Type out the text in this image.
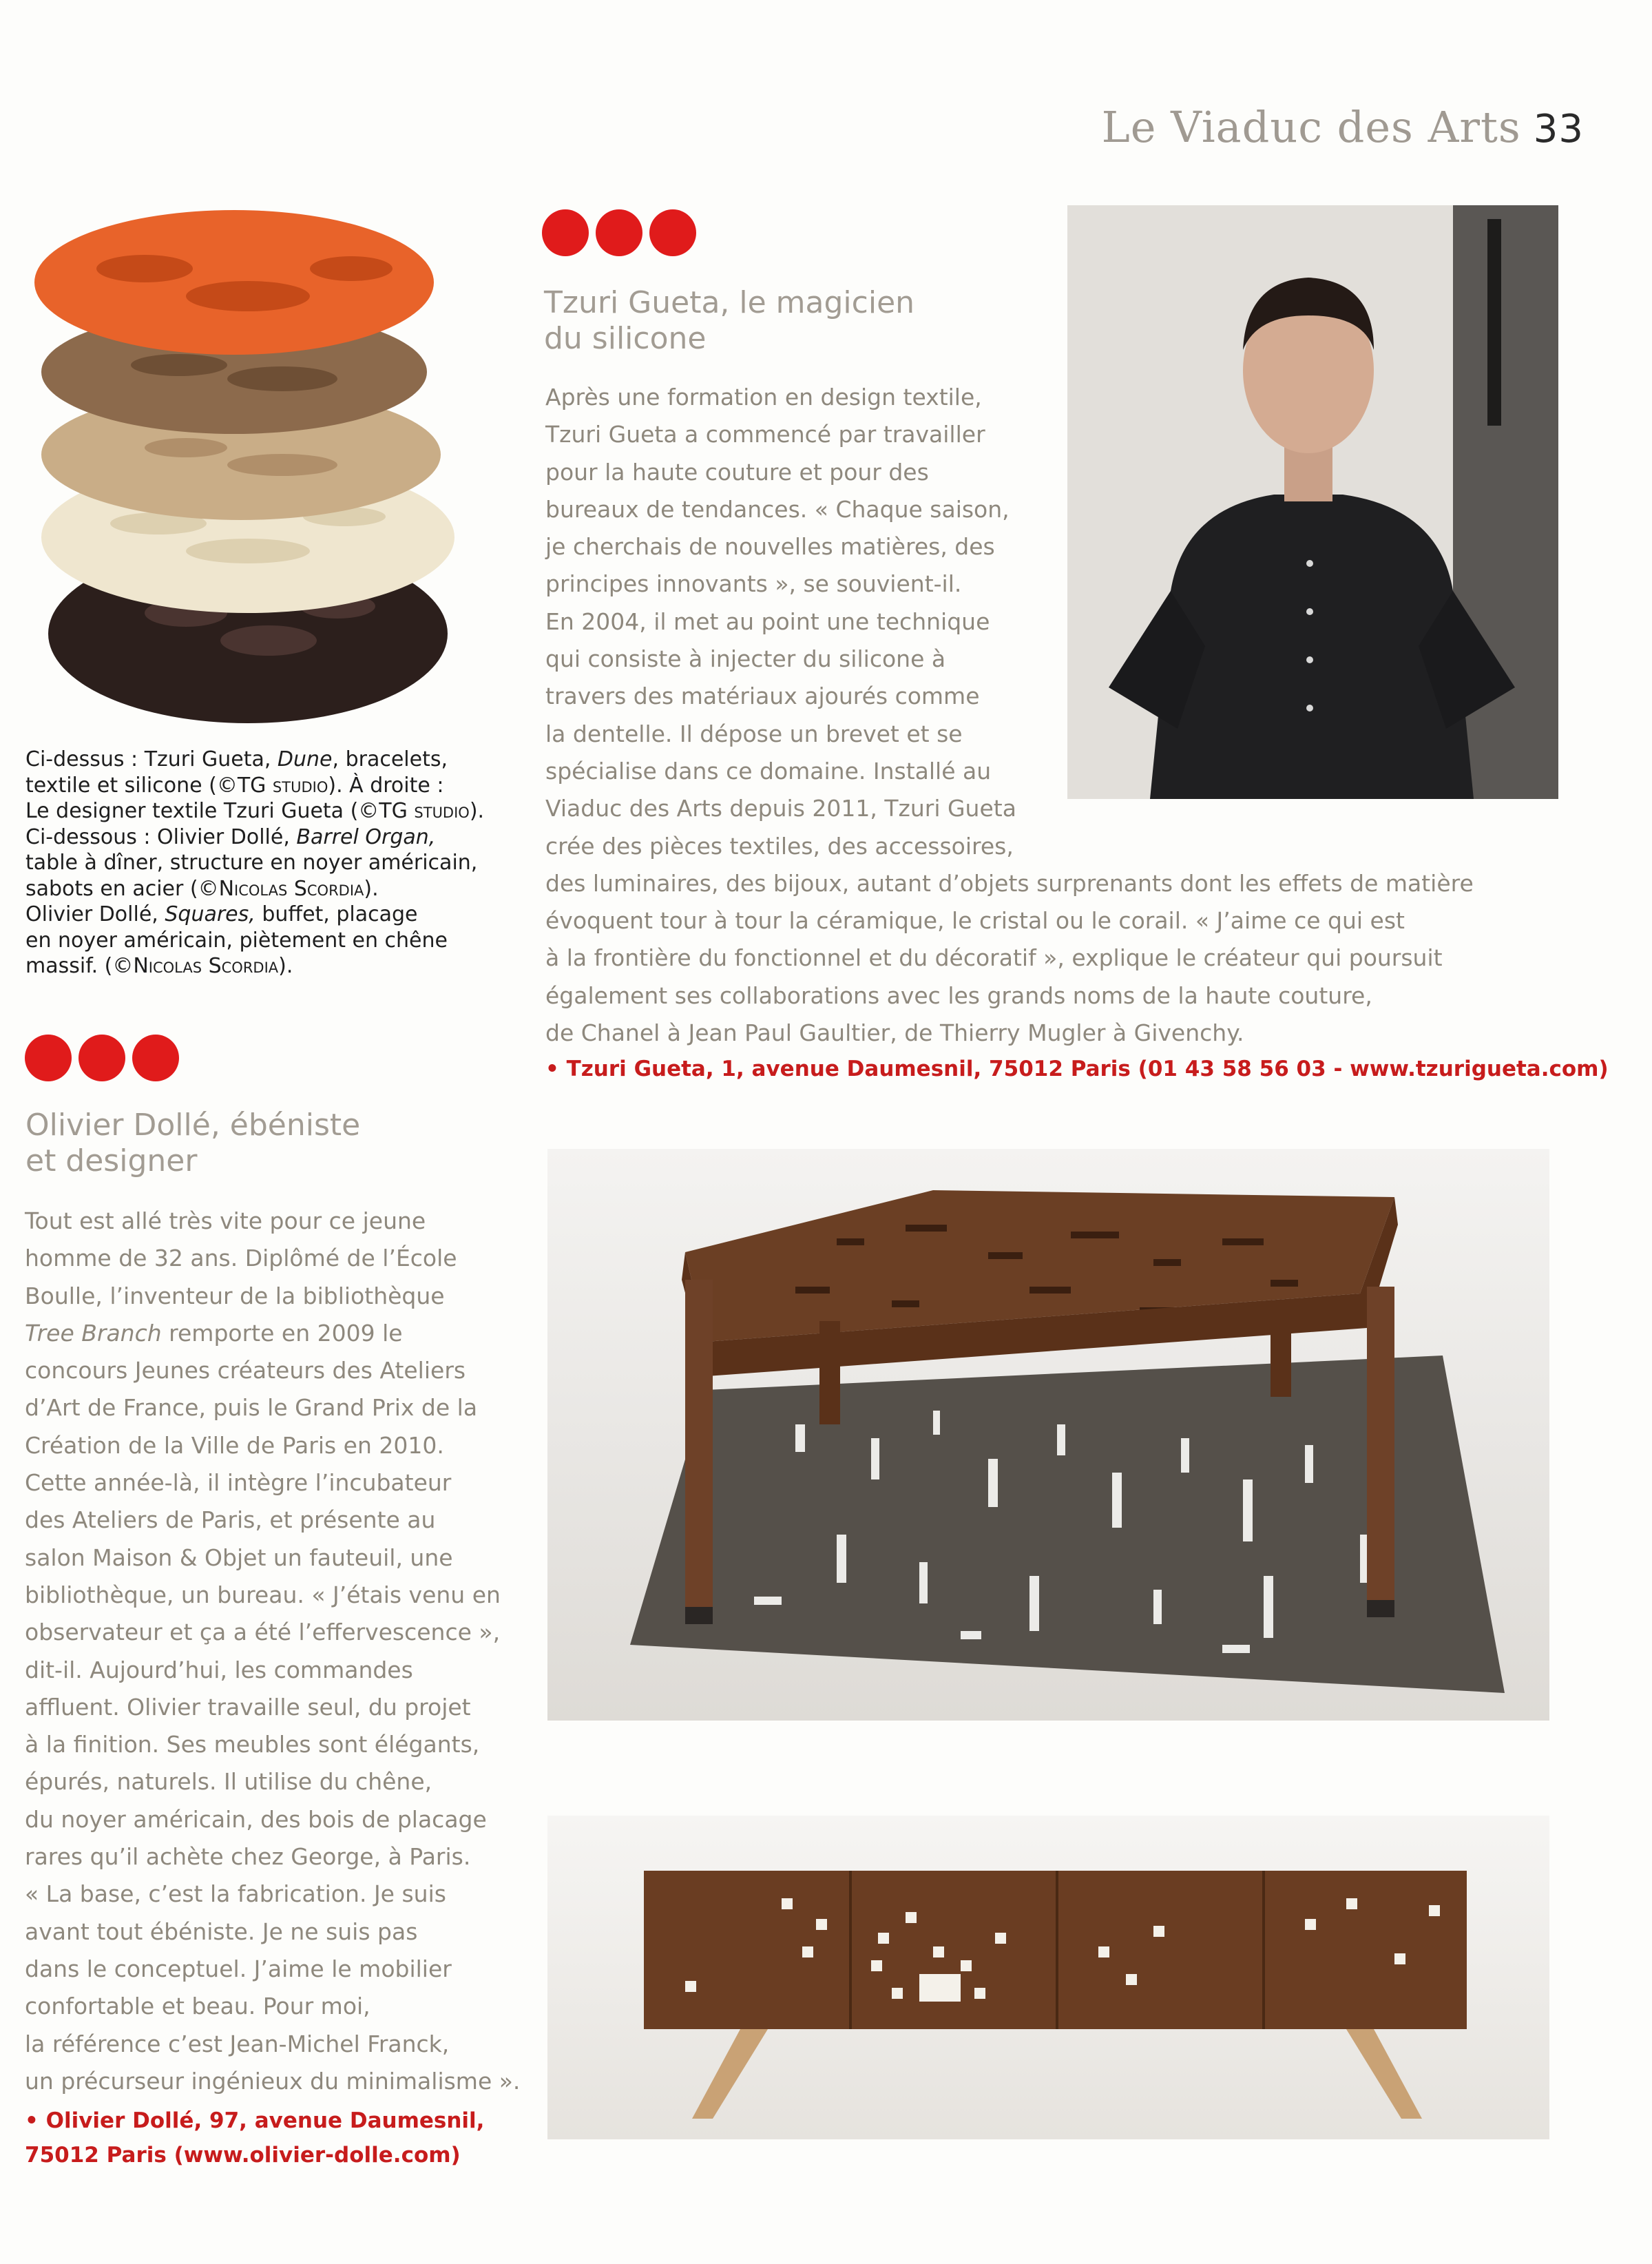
Le Viaduc des Arts 33

Ci-dessus : Tzuri Gueta, Dune, bracelets,

textile et silicone (©TG studio). À droite :

Le designer textile Tzuri Gueta (©TG studio).

Ci-dessous : Olivier Dollé, Barrel Organ,

table à dîner, structure en noyer américain,

sabots en acier (©Nicolas Scordia).

Olivier Dollé, Squares, buffet, placage

en noyer américain, piètement en chêne

massif. (©Nicolas Scordia).

Tzuri Gueta, le magicien
du silicone

Après une formation en design textile,

Tzuri Gueta a commencé par travailler

pour la haute couture et pour des

bureaux de tendances. « Chaque saison,

je cherchais de nouvelles matières, des

principes innovants », se souvient-il.

En 2004, il met au point une technique

qui consiste à injecter du silicone à

travers des matériaux ajourés comme

la dentelle. Il dépose un brevet et se

spécialise dans ce domaine. Installé au

Viaduc des Arts depuis 2011, Tzuri Gueta

crée des pièces textiles, des accessoires,

des luminaires, des bijoux, autant d’objets surprenants dont les effets de matière

évoquent tour à tour la céramique, le cristal ou le corail. « J’aime ce qui est

à la frontière du fonctionnel et du décoratif », explique le créateur qui poursuit

également ses collaborations avec les grands noms de la haute couture,

de Chanel à Jean Paul Gaultier, de Thierry Mugler à Givenchy.

• Tzuri Gueta, 1, avenue Daumesnil, 75012 Paris (01 43 58 56 03 - www.tzurigueta.com)

Olivier Dollé, ébéniste
et designer

Tout est allé très vite pour ce jeune

homme de 32 ans. Diplômé de l’École

Boulle, l’inventeur de la bibliothèque

Tree Branch remporte en 2009 le

concours Jeunes créateurs des Ateliers

d’Art de France, puis le Grand Prix de la

Création de la Ville de Paris en 2010.

Cette année-là, il intègre l’incubateur

des Ateliers de Paris, et présente au

salon Maison & Objet un fauteuil, une

bibliothèque, un bureau. « J’étais venu en

observateur et ça a été l’effervescence »,

dit-il. Aujourd’hui, les commandes

affluent. Olivier travaille seul, du projet

à la finition. Ses meubles sont élégants,

épurés, naturels. Il utilise du chêne,

du noyer américain, des bois de placage

rares qu’il achète chez George, à Paris.

« La base, c’est la fabrication. Je suis

avant tout ébéniste. Je ne suis pas

dans le conceptuel. J’aime le mobilier

confortable et beau. Pour moi,

la référence c’est Jean-Michel Franck,

un précurseur ingénieux du minimalisme ».

• Olivier Dollé, 97, avenue Daumesnil,
75012 Paris (www.olivier-dolle.com)
